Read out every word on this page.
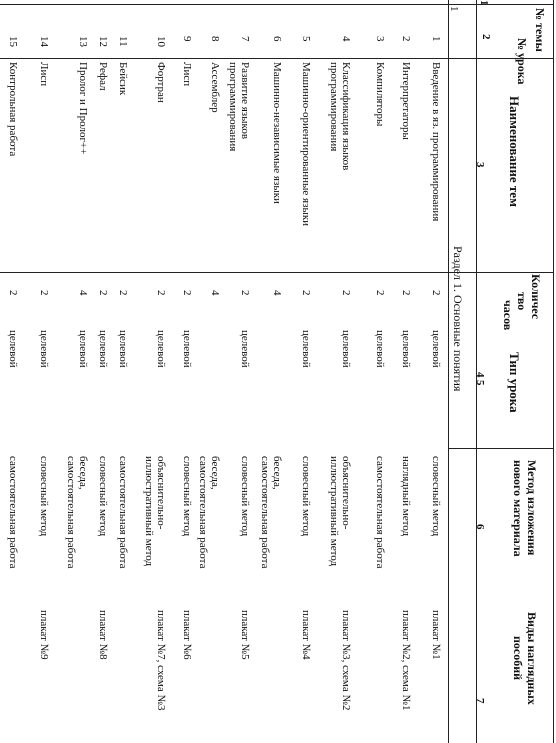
№ темы
№ урока
Наименование тем
Количес
тво
часов
Тип урока
Метод изложения
нового материала
Виды наглядных
пособий
1
2
3
4
5
6
7
1
Раздел 1. Основные понятия
1
Введение в яз. программирования
2
целевой
словесный метод
плакат №1
2
Интерпретаторы
2
целевой
наглядный метод
плакат №2, схема №1
3
Компиляторы
2
целевой
самостоятельная работа
4
Классификация языков
программирования
2
целевой
объяснительно-
иллюстративный метод
плакат №3, схема №2
5
Машинно-ориентированные языки
2
целевой
словесный метод
плакат №4
6
Машинно-независимые языки
4
беседа,
самостоятельная работа
7
Развитие языков
программирования
2
целевой
словесный метод
плакат №5
8
Ассемблер
4
беседа,
самостоятельная работа
9
Лисп
2
целевой
словесный метод
плакат №6
10
Фортран
2
целевой
объяснительно-
иллюстративный метод
плакат №7, схема №3
11
Бейсик
2
целевой
самостоятельная работа
12
Рефал
2
целевой
словесный метод
плакат №8
13
Пролог и Пролог++
4
целевой
беседа,
самостоятельная работа
14
Лисп
2
целевой
словесный метод
плакат №9
15
Контрольная работа
2
целевой
самостоятельная работа
